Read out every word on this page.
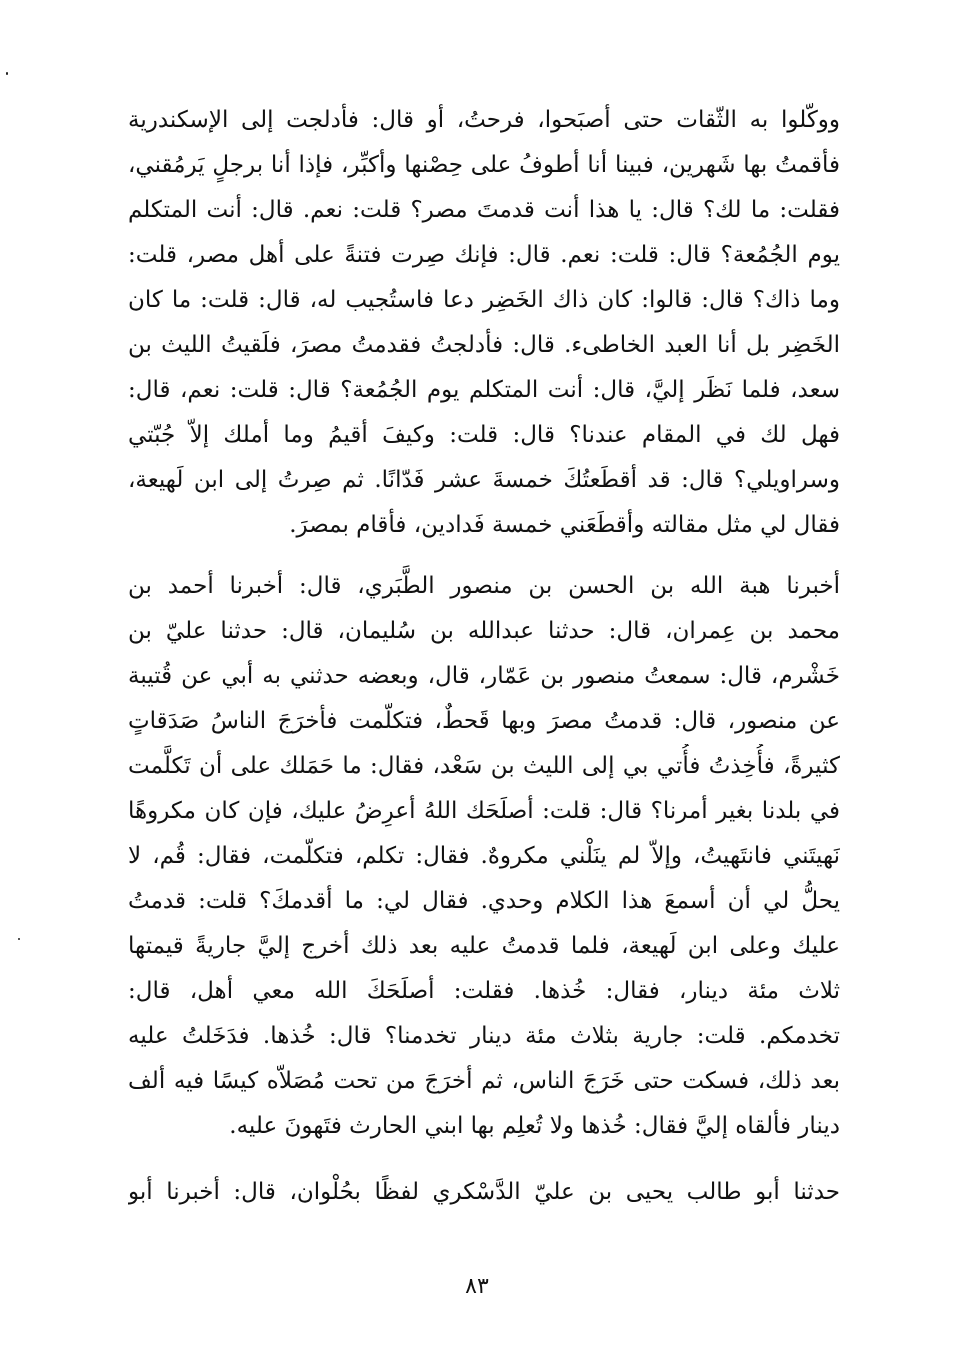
ووكّلوا به الثّقات حتى أصبَحوا، فرحتُ، أو قال: فأدلجت إلى الإسكندرية
فأقمتُ بها شَهرين، فبينا أنا أطوفُ على حِصْنها وأكبِّر، فإذا أنا برجلٍ يَرمُقني،
فقلت: ما لك؟ قال: يا هذا أنت قدمتَ مصر؟ قلت: نعم. قال: أنت المتكلم
يوم الجُمُعة؟ قال: قلت: نعم. قال: فإنك صِرت فتنةً على أهل مصر، قلت:
وما ذاك؟ قال: قالوا: كان ذاك الخَضِر دعا فاستُجيب له، قال: قلت: ما كان
الخَضِر بل أنا العبد الخاطىء. قال: فأدلجتُ فقدمتُ مصرَ، فلَقيتُ الليث بن
سعد، فلما نَظَر إليَّ، قال: أنت المتكلم يوم الجُمُعة؟ قال: قلت: نعم، قال:
فهل لك في المقام عندنا؟ قال: قلت: وكيفَ أقيمُ وما أملك إلاّ جُبّتي
وسراويلي؟ قال: قد أقطَعتُكَ خمسةَ عشر فَدّانًا. ثم صِرتُ إلى ابن لَهيعة،
فقال لي مثل مقالته وأقطَعَني خمسة فَدادين، فأقام بمصرَ.
أخبرنا هبة الله بن الحسن بن منصور الطَّبَري، قال: أخبرنا أحمد بن
محمد بن عِمران، قال: حدثنا عبدالله بن سُليمان، قال: حدثنا عليّ بن
خَشْرم، قال: سمعتُ منصور بن عَمّار، قال، وبعضه حدثني به أبي عن قُتيبة
عن منصور، قال: قدمتُ مصرَ وبها قَحطٌ، فتكلّمت فأخرَجَ الناسُ صَدَقاتٍ
كثيرةً، فأُخِذتُ فأُتي بي إلى الليث بن سَعْد، فقال: ما حَمَلك على أن تَكلَّمت
في بلدنا بغير أمرنا؟ قال: قلت: أصلَحَك اللهُ أعرِضُ عليك، فإن كان مكروهًا
نَهيتَني فانتَهيتُ، وإلاّ لم ينَلْني مكروهٌ. فقال: تكلم، فتكلّمت، فقال: قُم، لا
يحلُّ لي أن أسمعَ هذا الكلام وحدي. فقال لي: ما أقدمكَ؟ قلت: قدمتُ
عليك وعلى ابن لَهيعة، فلما قدمتُ عليه بعد ذلك أخرج إليَّ جاريةً قيمتها
ثلاث مئة دينار، فقال: خُذها. فقلت: أصلَحَكَ الله معي أهل، قال:
تخدمكم. قلت: جارية بثلاث مئة دينار تخدمنا؟ قال: خُذها. فدَخَلتُ عليه
بعد ذلك، فسكت حتى خَرَجَ الناس، ثم أخرَجَ من تحت مُصَلاّه كيسًا فيه ألف
دينار فألقاه إليَّ فقال: خُذها ولا تُعلِم بها ابني الحارث فتَهونَ عليه.
حدثنا أبو طالب يحيى بن عليّ الدَّسْكري لفظًا بحُلْوان، قال: أخبرنا أبو
٨٣
